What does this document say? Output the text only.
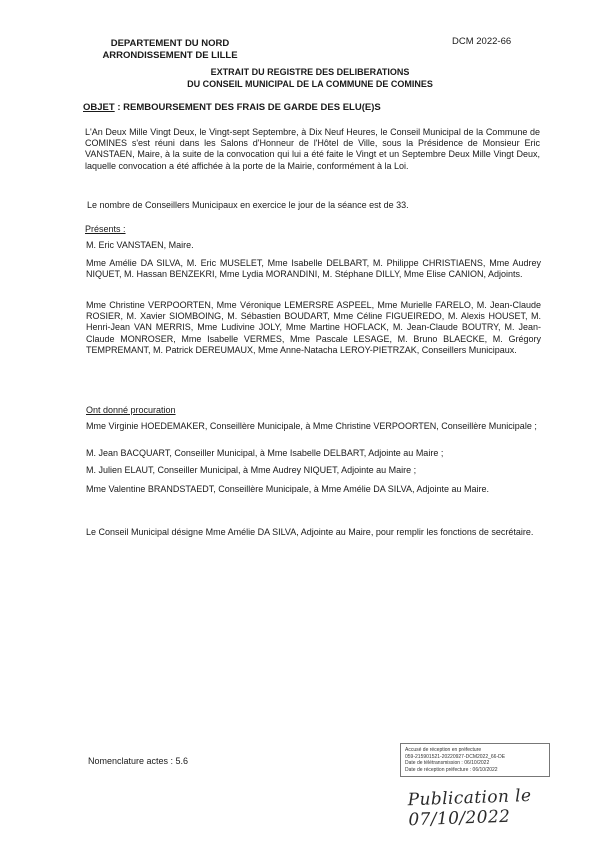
DEPARTEMENT DU NORD
ARRONDISSEMENT DE LILLE
DCM 2022-66
EXTRAIT DU REGISTRE DES DELIBERATIONS
DU CONSEIL MUNICIPAL DE LA COMMUNE DE COMINES
OBJET : REMBOURSEMENT DES FRAIS DE GARDE DES ELU(E)S
L'An Deux Mille Vingt Deux, le Vingt-sept Septembre, à Dix Neuf Heures, le Conseil Municipal de la Commune de COMINES s'est réuni dans les Salons d'Honneur de l'Hôtel de Ville, sous la Présidence de Monsieur Eric VANSTAEN, Maire, à la suite de la convocation qui lui a été faite le Vingt et un Septembre Deux Mille Vingt Deux, laquelle convocation a été affichée à la porte de la Mairie, conformément à la Loi.
Le nombre de Conseillers Municipaux en exercice le jour de la séance est de 33.
Présents :
M. Eric VANSTAEN, Maire.
Mme Amélie DA SILVA, M. Eric MUSELET, Mme Isabelle DELBART, M. Philippe CHRISTIAENS, Mme Audrey NIQUET, M. Hassan BENZEKRI, Mme Lydia MORANDINI, M. Stéphane DILLY, Mme Elise CANION, Adjoints.
Mme Christine VERPOORTEN, Mme Véronique LEMERSRE ASPEEL, Mme Murielle FARELO, M. Jean-Claude ROSIER, M. Xavier SIOMBOING, M. Sébastien BOUDART, Mme Céline FIGUEIREDO, M. Alexis HOUSET, M. Henri-Jean VAN MERRIS, Mme Ludivine JOLY, Mme Martine HOFLACK, M. Jean-Claude BOUTRY, M. Jean-Claude MONROSER, Mme Isabelle VERMES, Mme Pascale LESAGE, M. Bruno BLAECKE, M. Grégory TEMPREMANT, M. Patrick DEREUMAUX, Mme Anne-Natacha LEROY-PIETRZAK, Conseillers Municipaux.
Ont donné procuration
Mme Virginie HOEDEMAKER, Conseillère Municipale, à Mme Christine VERPOORTEN, Conseillère Municipale ;
M. Jean BACQUART, Conseiller Municipal, à Mme Isabelle DELBART, Adjointe au Maire ;
M. Julien ELAUT, Conseiller Municipal, à Mme Audrey NIQUET, Adjointe au Maire ;
Mme Valentine BRANDSTAEDT, Conseillère Municipale, à Mme Amélie DA SILVA, Adjointe au Maire.
Le Conseil Municipal désigne Mme Amélie DA SILVA, Adjointe au Maire, pour remplir les fonctions de secrétaire.
Nomenclature actes : 5.6
Accusé de réception en préfecture
059-215901521-20220927-DCM2022_66-DE
Date de télétransmission : 06/10/2022
Date de réception préfecture : 06/10/2022
Publication le 07/10/2022
